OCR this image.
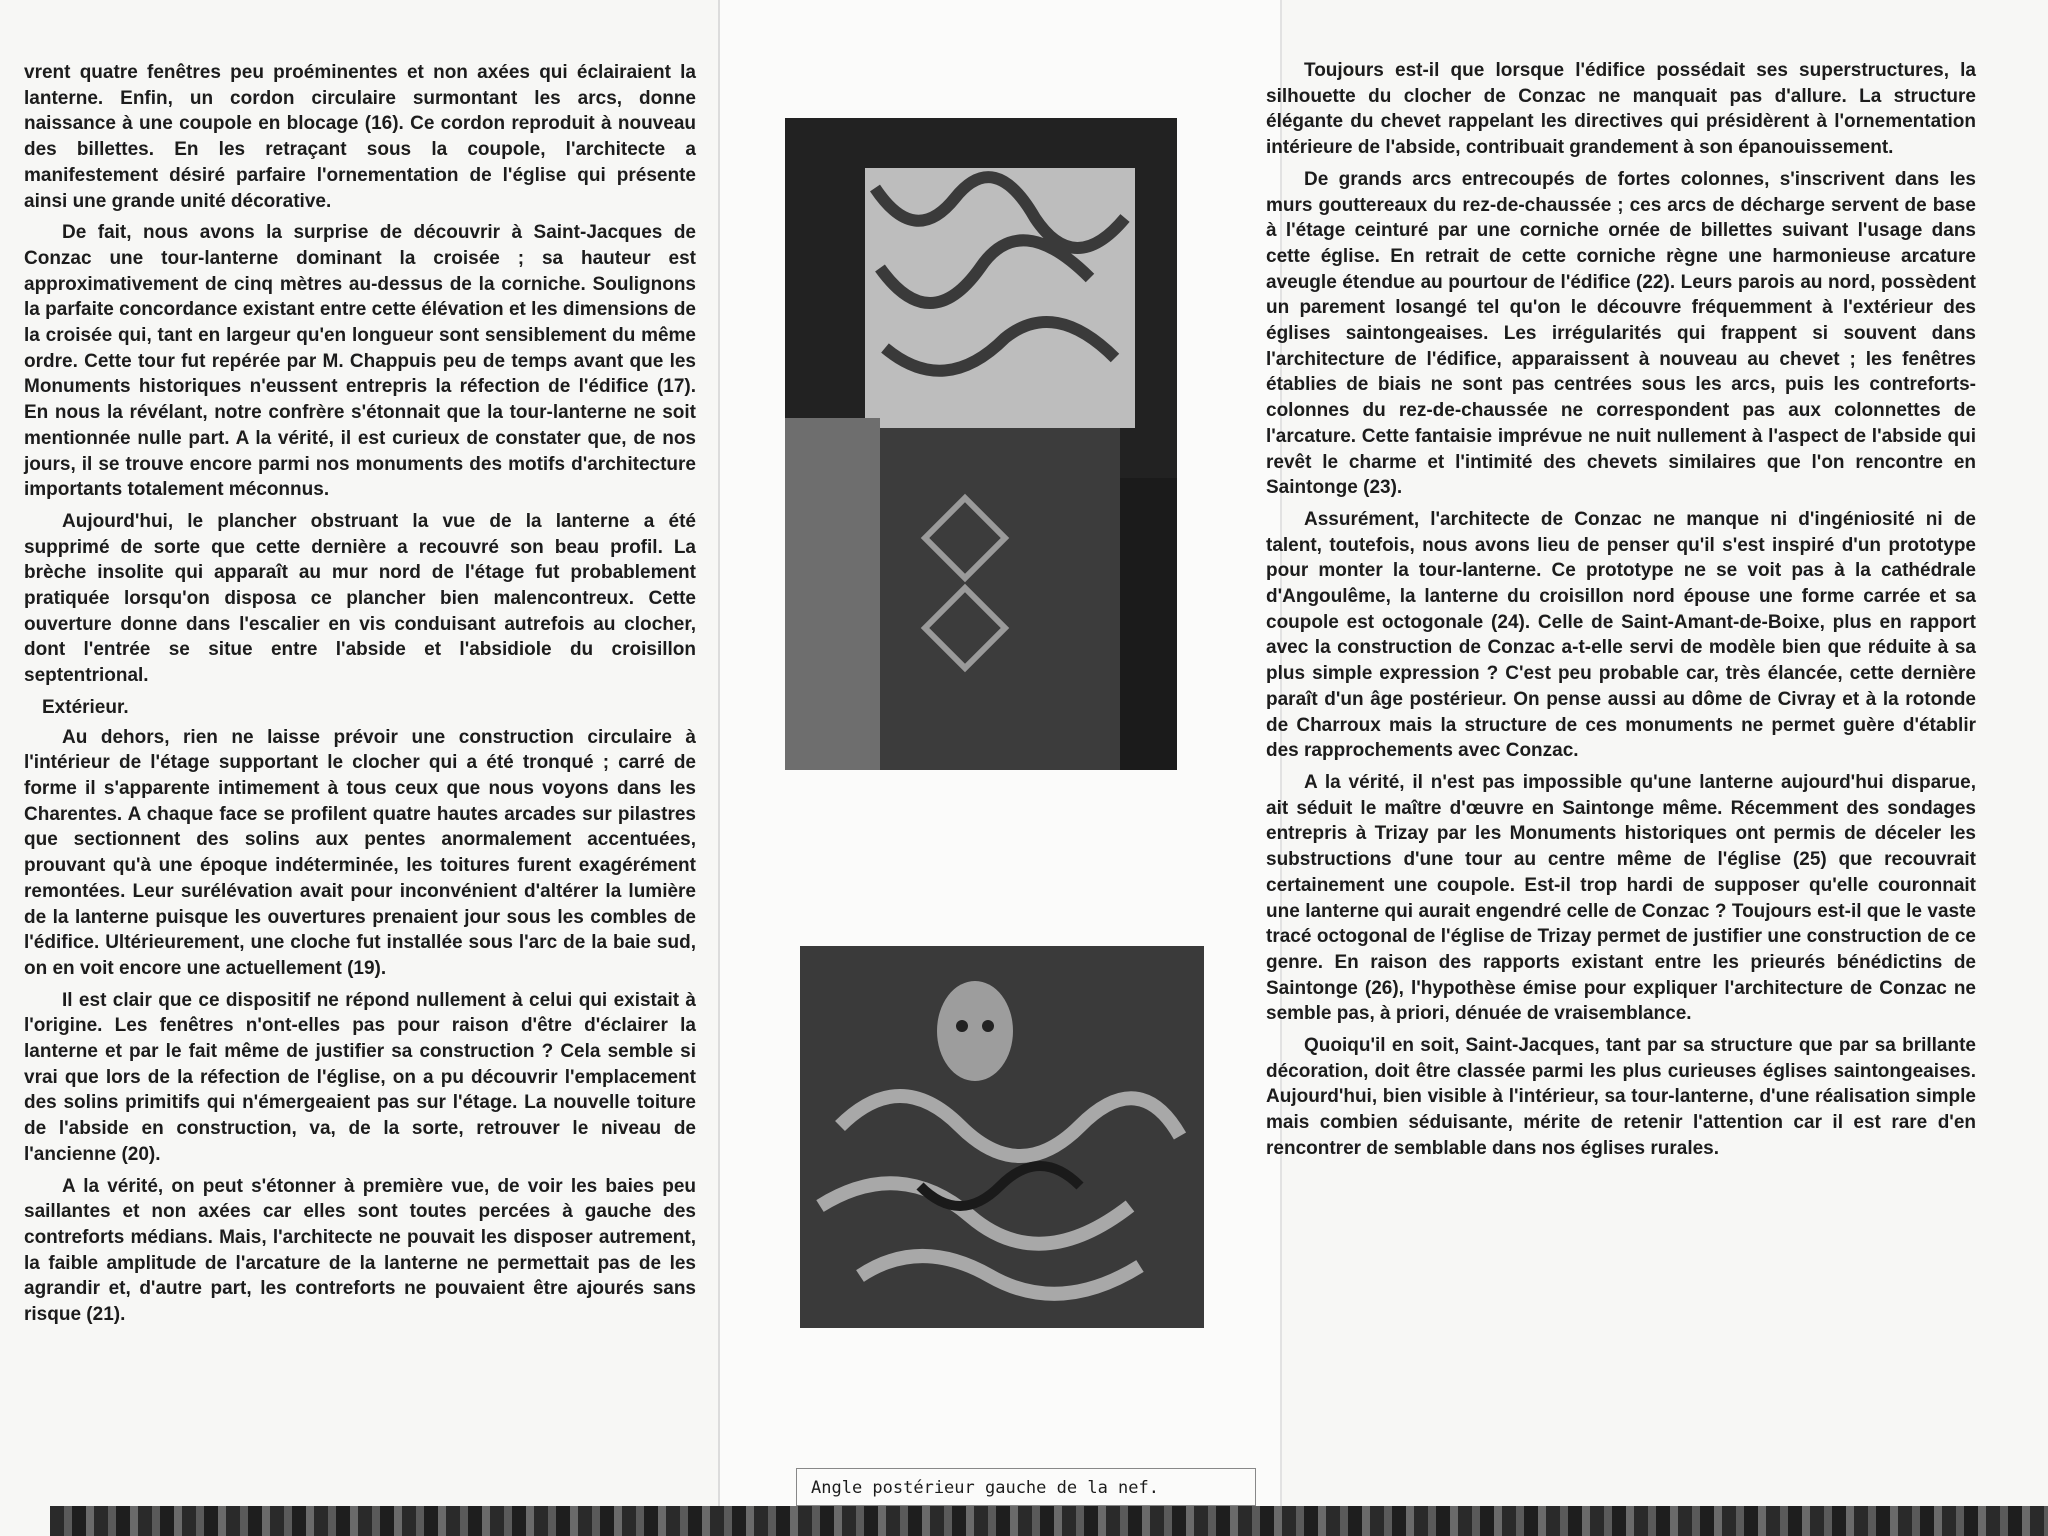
vrent quatre fenêtres peu proéminentes et non axées qui éclairaient la lanterne. Enfin, un cordon circulaire surmontant les arcs, donne naissance à une coupole en blocage (16). Ce cordon reproduit à nouveau des billettes. En les retraçant sous la coupole, l'architecte a manifestement désiré parfaire l'ornementation de l'église qui présente ainsi une grande unité décorative.

De fait, nous avons la surprise de découvrir à Saint-Jacques de Conzac une tour-lanterne dominant la croisée ; sa hauteur est approximativement de cinq mètres au-dessus de la corniche. Soulignons la parfaite concordance existant entre cette élévation et les dimensions de la croisée qui, tant en largeur qu'en longueur sont sensiblement du même ordre. Cette tour fut repérée par M. Chappuis peu de temps avant que les Monuments historiques n'eussent entrepris la réfection de l'édifice (17). En nous la révélant, notre confrère s'étonnait que la tour-lanterne ne soit mentionnée nulle part. A la vérité, il est curieux de constater que, de nos jours, il se trouve encore parmi nos monuments des motifs d'architecture importants totalement méconnus.

Aujourd'hui, le plancher obstruant la vue de la lanterne a été supprimé de sorte que cette dernière a recouvré son beau profil. La brèche insolite qui apparaît au mur nord de l'étage fut probablement pratiquée lorsqu'on disposa ce plancher bien malencontreux. Cette ouverture donne dans l'escalier en vis conduisant autrefois au clocher, dont l'entrée se situe entre l'abside et l'absidiole du croisillon septentrional.

Extérieur.

Au dehors, rien ne laisse prévoir une construction circulaire à l'intérieur de l'étage supportant le clocher qui a été tronqué ; carré de forme il s'apparente intimement à tous ceux que nous voyons dans les Charentes. A chaque face se profilent quatre hautes arcades sur pilastres que sectionnent des solins aux pentes anormalement accentuées, prouvant qu'à une époque indéterminée, les toitures furent exagérément remontées. Leur surélévation avait pour inconvénient d'altérer la lumière de la lanterne puisque les ouvertures prenaient jour sous les combles de l'édifice. Ultérieurement, une cloche fut installée sous l'arc de la baie sud, on en voit encore une actuellement (19).

Il est clair que ce dispositif ne répond nullement à celui qui existait à l'origine. Les fenêtres n'ont-elles pas pour raison d'être d'éclairer la lanterne et par le fait même de justifier sa construction ? Cela semble si vrai que lors de la réfection de l'église, on a pu découvrir l'emplacement des solins primitifs qui n'émergeaient pas sur l'étage. La nouvelle toiture de l'abside en construction, va, de la sorte, retrouver le niveau de l'ancienne (20).

A la vérité, on peut s'étonner à première vue, de voir les baies peu saillantes et non axées car elles sont toutes percées à gauche des contreforts médians. Mais, l'architecte ne pouvait les disposer autrement, la faible amplitude de l'arcature de la lanterne ne permettait pas de les agrandir et, d'autre part, les contreforts ne pouvaient être ajourés sans risque (21).

Angle postérieur gauche de la nef.

Toujours est-il que lorsque l'édifice possédait ses superstructures, la silhouette du clocher de Conzac ne manquait pas d'allure. La structure élégante du chevet rappelant les directives qui présidèrent à l'ornementation intérieure de l'abside, contribuait grandement à son épanouissement.

De grands arcs entrecoupés de fortes colonnes, s'inscrivent dans les murs gouttereaux du rez-de-chaussée ; ces arcs de décharge servent de base à l'étage ceinturé par une corniche ornée de billettes suivant l'usage dans cette église. En retrait de cette corniche règne une harmonieuse arcature aveugle étendue au pourtour de l'édifice (22). Leurs parois au nord, possèdent un parement losangé tel qu'on le découvre fréquemment à l'extérieur des églises saintongeaises. Les irrégularités qui frappent si souvent dans l'architecture de l'édifice, apparaissent à nouveau au chevet ; les fenêtres établies de biais ne sont pas centrées sous les arcs, puis les contreforts-colonnes du rez-de-chaussée ne correspondent pas aux colonnettes de l'arcature. Cette fantaisie imprévue ne nuit nullement à l'aspect de l'abside qui revêt le charme et l'intimité des chevets similaires que l'on rencontre en Saintonge (23).

Assurément, l'architecte de Conzac ne manque ni d'ingéniosité ni de talent, toutefois, nous avons lieu de penser qu'il s'est inspiré d'un prototype pour monter la tour-lanterne. Ce prototype ne se voit pas à la cathédrale d'Angoulême, la lanterne du croisillon nord épouse une forme carrée et sa coupole est octogonale (24). Celle de Saint-Amant-de-Boixe, plus en rapport avec la construction de Conzac a-t-elle servi de modèle bien que réduite à sa plus simple expression ? C'est peu probable car, très élancée, cette dernière paraît d'un âge postérieur. On pense aussi au dôme de Civray et à la rotonde de Charroux mais la structure de ces monuments ne permet guère d'établir des rapprochements avec Conzac.

A la vérité, il n'est pas impossible qu'une lanterne aujourd'hui disparue, ait séduit le maître d'œuvre en Saintonge même. Récemment des sondages entrepris à Trizay par les Monuments historiques ont permis de déceler les substructions d'une tour au centre même de l'église (25) que recouvrait certainement une coupole. Est-il trop hardi de supposer qu'elle couronnait une lanterne qui aurait engendré celle de Conzac ? Toujours est-il que le vaste tracé octogonal de l'église de Trizay permet de justifier une construction de ce genre. En raison des rapports existant entre les prieurés bénédictins de Saintonge (26), l'hypothèse émise pour expliquer l'architecture de Conzac ne semble pas, à priori, dénuée de vraisemblance.

Quoiqu'il en soit, Saint-Jacques, tant par sa structure que par sa brillante décoration, doit être classée parmi les plus curieuses églises saintongeaises. Aujourd'hui, bien visible à l'intérieur, sa tour-lanterne, d'une réalisation simple mais combien séduisante, mérite de retenir l'attention car il est rare d'en rencontrer de semblable dans nos églises rurales.
